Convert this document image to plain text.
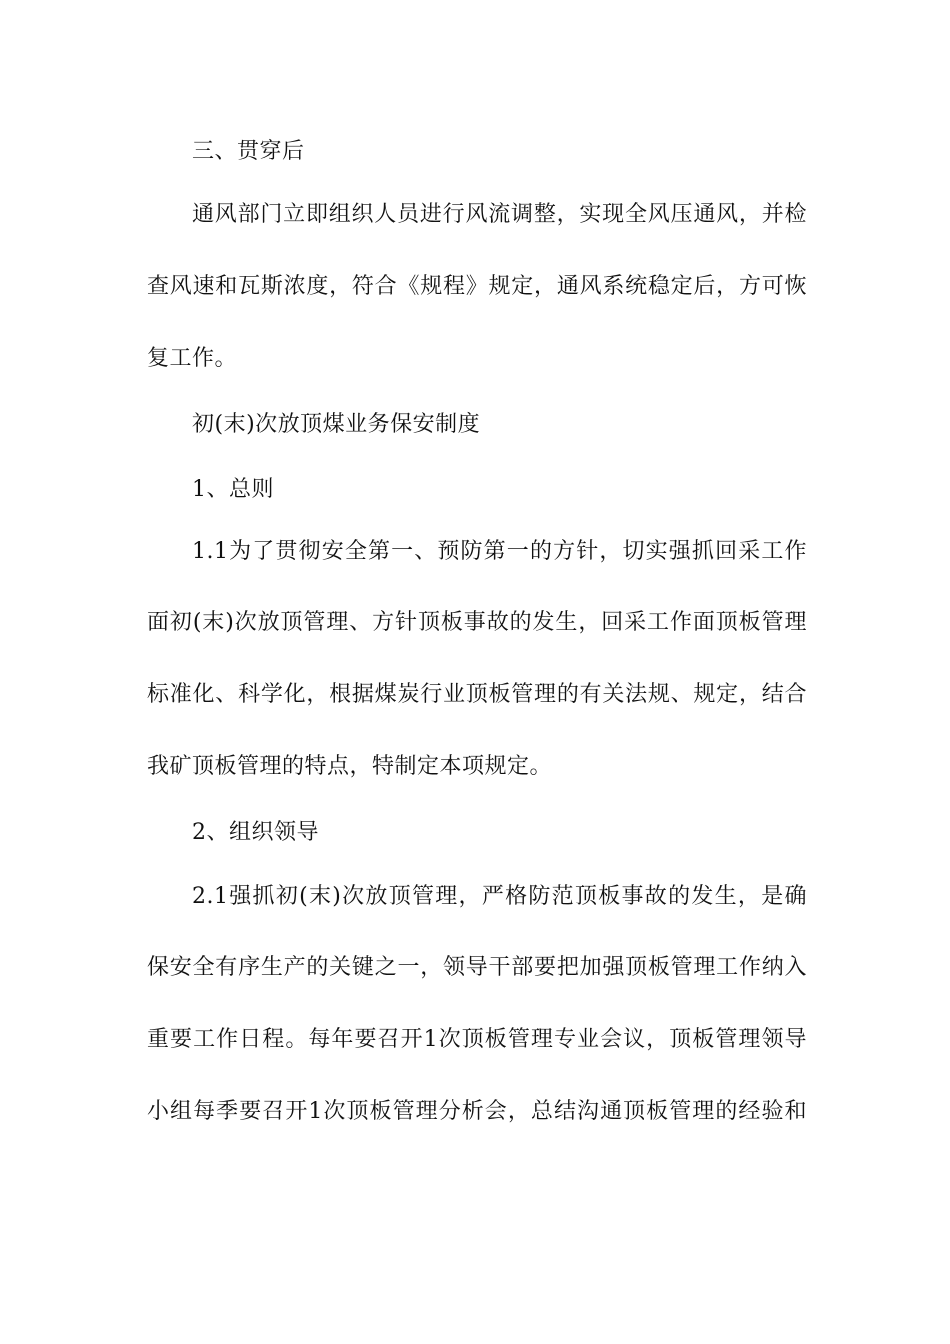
三、贯穿后
通风部门立即组织人员进行风流调整，实现全风压通风，并检
查风速和瓦斯浓度，符合《规程》规定，通风系统稳定后，方可恢
复工作。
初(末)次放顶煤业务保安制度
1、总则
1.1为了贯彻安全第一、预防第一的方针，切实强抓回采工作
面初(末)次放顶管理、方针顶板事故的发生，回采工作面顶板管理
标准化、科学化，根据煤炭行业顶板管理的有关法规、规定，结合
我矿顶板管理的特点，特制定本项规定。
2、组织领导
2.1强抓初(末)次放顶管理，严格防范顶板事故的发生，是确
保安全有序生产的关键之一，领导干部要把加强顶板管理工作纳入
重要工作日程。每年要召开1次顶板管理专业会议，顶板管理领导
小组每季要召开1次顶板管理分析会，总结沟通顶板管理的经验和
